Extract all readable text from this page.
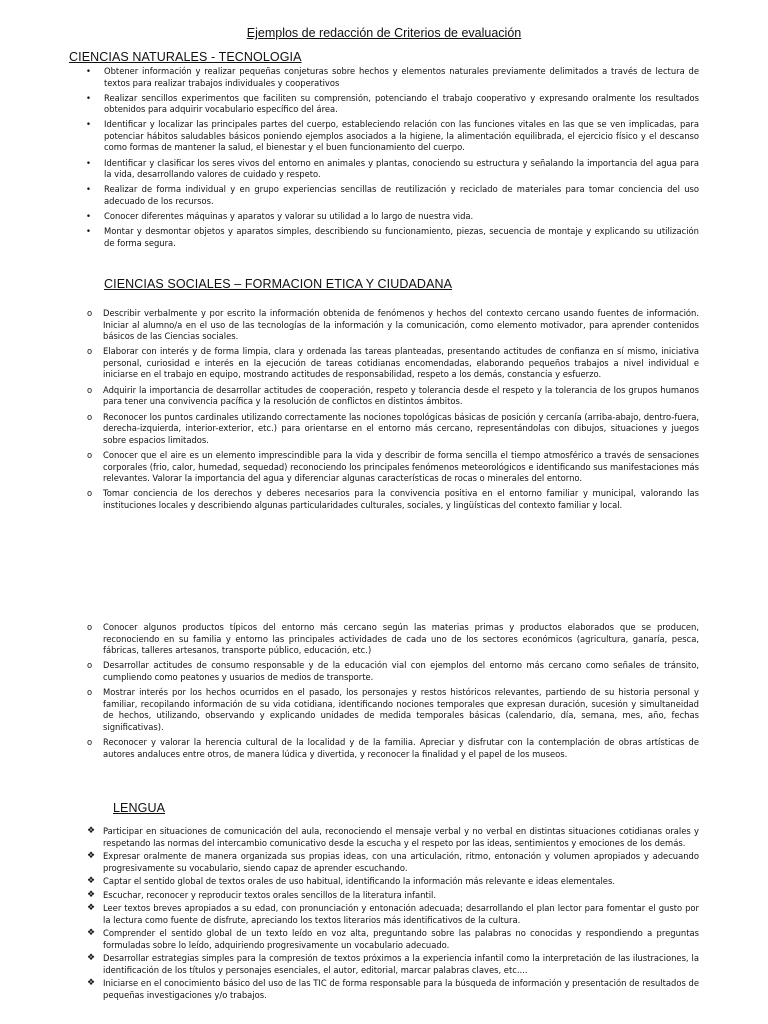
Ejemplos de redacción de Criterios de evaluación
CIENCIAS NATURALES - TECNOLOGIA
• Obtener información y realizar pequeñas conjeturas sobre hechos y elementos naturales previamente delimitados a través de lectura de textos para realizar trabajos individuales y cooperativos
• Realizar sencillos experimentos que faciliten su comprensión, potenciando el trabajo cooperativo y expresando oralmente los resultados obtenidos para adquirir vocabulario específico del área.
• Identificar y localizar las principales partes del cuerpo, estableciendo relación con las funciones vitales en las que se ven implicadas, para potenciar hábitos saludables básicos poniendo ejemplos asociados a la higiene, la alimentación equilibrada, el ejercicio físico y el descanso como formas de mantener la salud, el bienestar y el buen funcionamiento del cuerpo.
• Identificar y clasificar los seres vivos del entorno en animales y plantas, conociendo su estructura y señalando la importancia del agua para la vida, desarrollando valores de cuidado y respeto.
• Realizar de forma individual y en grupo experiencias sencillas de reutilización y reciclado de materiales para tomar conciencia del uso adecuado de los recursos.
• Conocer diferentes máquinas y aparatos y valorar su utilidad a lo largo de nuestra vida.
• Montar y desmontar objetos y aparatos simples, describiendo su funcionamiento, piezas, secuencia de montaje y explicando su utilización de forma segura.
CIENCIAS SOCIALES – FORMACION ETICA Y CIUDADANA
o Describir verbalmente y por escrito la información obtenida de fenómenos y hechos del contexto cercano usando fuentes de información. Iniciar al alumno/a en el uso de las tecnologías de la información y la comunicación, como elemento motivador, para aprender contenidos básicos de las Ciencias sociales.
o Elaborar con interés y de forma limpia, clara y ordenada las tareas planteadas, presentando actitudes de confianza en sí mismo, iniciativa personal, curiosidad e interés en la ejecución de tareas cotidianas encomendadas, elaborando pequeños trabajos a nivel individual e iniciarse en el trabajo en equipo, mostrando actitudes de responsabilidad, respeto a los demás, constancia y esfuerzo.
o Adquirir la importancia de desarrollar actitudes de cooperación, respeto y tolerancia desde el respeto y la tolerancia de los grupos humanos para tener una convivencia pacífica y la resolución de conflictos en distintos ámbitos.
o Reconocer los puntos cardinales utilizando correctamente las nociones topológicas básicas de posición y cercanía (arriba-abajo, dentro-fuera, derecha-izquierda, interior-exterior, etc.) para orientarse en el entorno más cercano, representándolas con dibujos, situaciones y juegos sobre espacios limitados.
o Conocer que el aire es un elemento imprescindible para la vida y describir de forma sencilla el tiempo atmosférico a través de sensaciones corporales (frio, calor, humedad, sequedad) reconociendo los principales fenómenos meteorológicos e identificando sus manifestaciones más relevantes. Valorar la importancia del agua y diferenciar algunas características de rocas o minerales del entorno.
o Tomar conciencia de los derechos y deberes necesarios para la convivencia positiva en el entorno familiar y municipal, valorando las instituciones locales y describiendo algunas particularidades culturales, sociales, y lingüísticas del contexto familiar y local.
o Conocer algunos productos típicos del entorno más cercano según las materias primas y productos elaborados que se producen, reconociendo en su familia y entorno las principales actividades de cada uno de los sectores económicos (agricultura, ganaría, pesca, fábricas, talleres artesanos, transporte público, educación, etc.)
o Desarrollar actitudes de consumo responsable y de la educación vial con ejemplos del entorno más cercano como señales de tránsito, cumpliendo como peatones y usuarios de medios de transporte.
o Mostrar interés por los hechos ocurridos en el pasado, los personajes y restos históricos relevantes, partiendo de su historia personal y familiar, recopilando información de su vida cotidiana, identificando nociones temporales que expresan duración, sucesión y simultaneidad de hechos, utilizando, observando y explicando unidades de medida temporales básicas (calendario, día, semana, mes, año, fechas significativas).
o Reconocer y valorar la herencia cultural de la localidad y de la familia. Apreciar y disfrutar con la contemplación de obras artísticas de autores andaluces entre otros, de manera lúdica y divertida, y reconocer la finalidad y el papel de los museos.
LENGUA
❖ Participar en situaciones de comunicación del aula, reconociendo el mensaje verbal y no verbal en distintas situaciones cotidianas orales y respetando las normas del intercambio comunicativo desde la escucha y el respeto por las ideas, sentimientos y emociones de los demás.
❖ Expresar oralmente de manera organizada sus propias ideas, con una articulación, ritmo, entonación y volumen apropiados y adecuando progresivamente su vocabulario, siendo capaz de aprender escuchando.
❖ Captar el sentido global de textos orales de uso habitual, identificando la información más relevante e ideas elementales.
❖ Escuchar, reconocer y reproducir textos orales sencillos de la literatura infantil.
❖ Leer textos breves apropiados a su edad, con pronunciación y entonación adecuada; desarrollando el plan lector para fomentar el gusto por la lectura como fuente de disfrute, apreciando los textos literarios más identificativos de la cultura.
❖ Comprender el sentido global de un texto leído en voz alta, preguntando sobre las palabras no conocidas y respondiendo a preguntas formuladas sobre lo leído, adquiriendo progresivamente un vocabulario adecuado.
❖ Desarrollar estrategias simples para la compresión de textos próximos a la experiencia infantil como la interpretación de las ilustraciones, la identificación de los títulos y personajes esenciales, el autor, editorial, marcar palabras claves, etc....
❖ Iniciarse en el conocimiento básico del uso de las TIC de forma responsable para la búsqueda de información y presentación de resultados de pequeñas investigaciones y/o trabajos.
